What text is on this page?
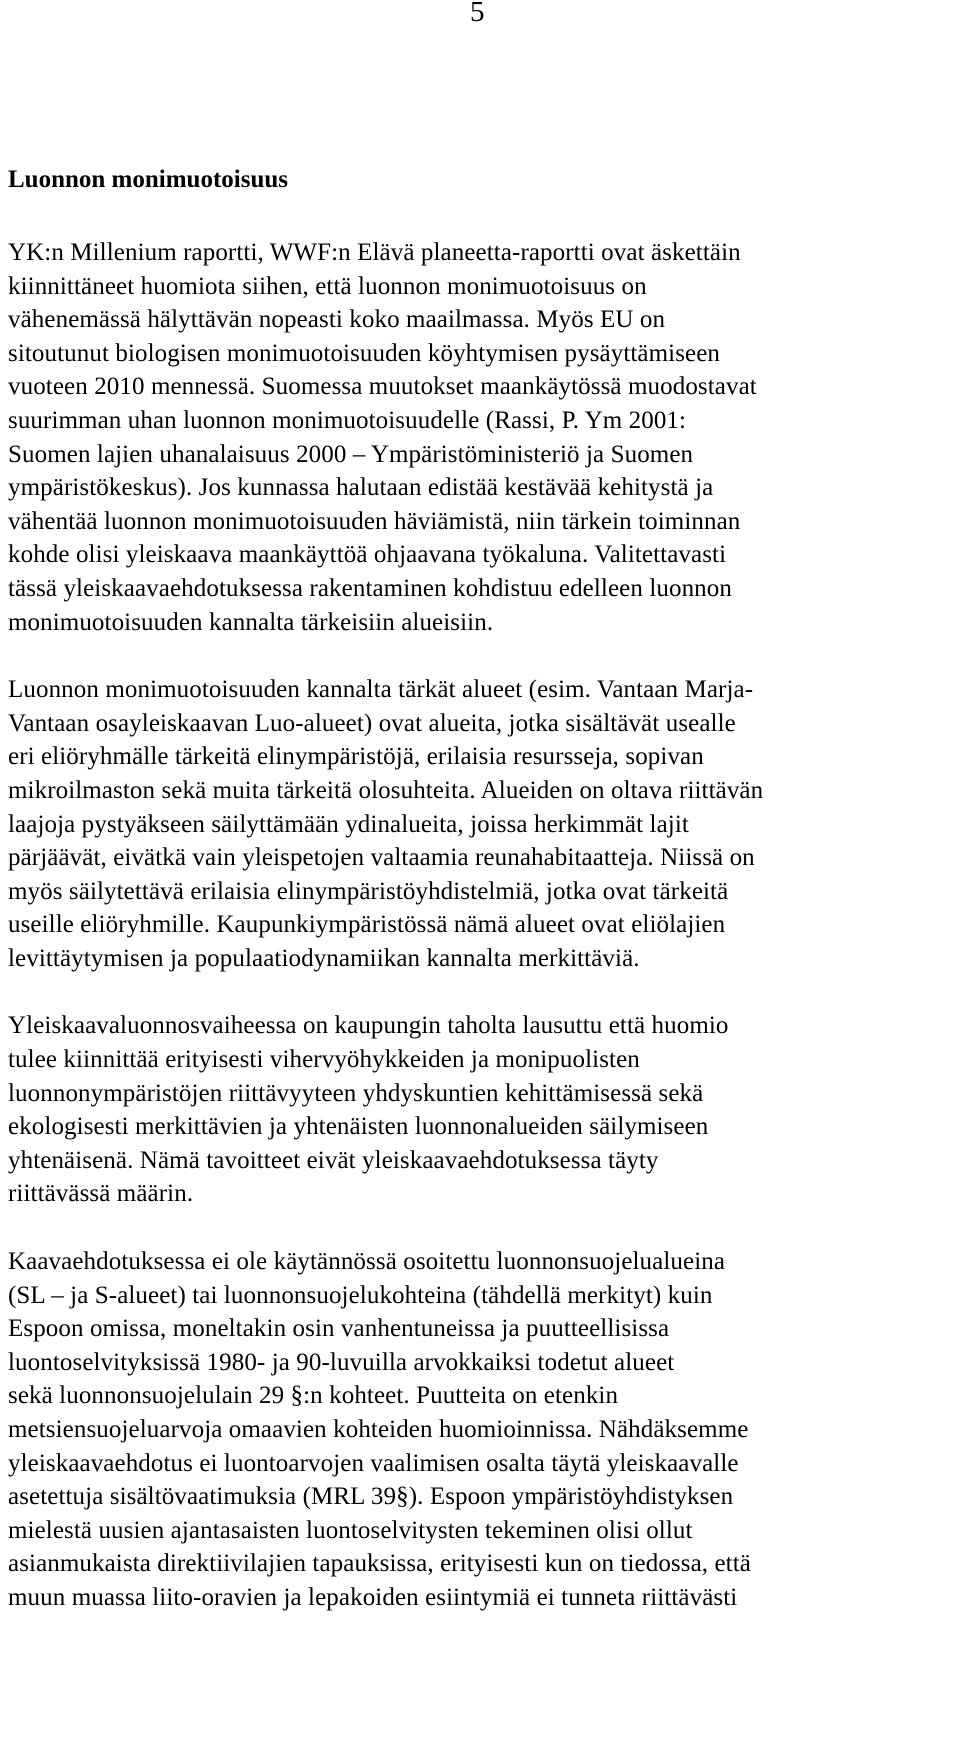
5
Luonnon monimuotoisuus

YK:n Millenium raportti, WWF:n Elävä planeetta-raportti ovat äskettäin
kiinnittäneet huomiota siihen, että luonnon monimuotoisuus on
vähenemässä hälyttävän nopeasti koko maailmassa. Myös EU on
sitoutunut biologisen monimuotoisuuden köyhtymisen pysäyttämiseen
vuoteen 2010 mennessä. Suomessa muutokset maankäytössä muodostavat
suurimman uhan luonnon monimuotoisuudelle (Rassi, P. Ym 2001:
Suomen lajien uhanalaisuus 2000 – Ympäristöministeriö ja Suomen
ympäristökeskus). Jos kunnassa halutaan edistää kestävää kehitystä ja
vähentää luonnon monimuotoisuuden häviämistä, niin tärkein toiminnan
kohde olisi yleiskaava maankäyttöä ohjaavana työkaluna. Valitettavasti
tässä yleiskaavaehdotuksessa rakentaminen kohdistuu edelleen luonnon
monimuotoisuuden kannalta tärkeisiin alueisiin.

Luonnon monimuotoisuuden kannalta tärkät alueet (esim. Vantaan Marja-
Vantaan osayleiskaavan Luo-alueet) ovat alueita, jotka sisältävät usealle
eri eliöryhmälle tärkeitä elinympäristöjä, erilaisia resursseja, sopivan
mikroilmaston sekä muita tärkeitä olosuhteita. Alueiden on oltava riittävän
laajoja pystyäkseen säilyttämään ydinalueita, joissa herkimmät lajit
pärjäävät, eivätkä vain yleispetojen valtaamia reunahabitaatteja. Niissä on
myös säilytettävä erilaisia elinympäristöyhdistelmiä, jotka ovat tärkeitä
useille eliöryhmille. Kaupunkiympäristössä nämä alueet ovat eliölajien
levittäytymisen ja populaatiodynamiikan kannalta merkittäviä.

Yleiskaavaluonnosvaiheessa on kaupungin taholta lausuttu että huomio
tulee kiinnittää erityisesti vihervyöhykkeiden ja monipuolisten
luonnonympäristöjen riittävyyteen yhdyskuntien kehittämisessä sekä
ekologisesti merkittävien ja yhtenäisten luonnonalueiden säilymiseen
yhtenäisenä. Nämä tavoitteet eivät yleiskaavaehdotuksessa täyty
riittävässä määrin.

Kaavaehdotuksessa ei ole käytännössä osoitettu luonnonsuojelualueina
(SL – ja S-alueet) tai luonnonsuojelukohteina (tähdellä merkityt) kuin
Espoon omissa, moneltakin osin vanhentuneissa ja puutteellisissa
luontoselvityksissä 1980- ja 90-luvuilla arvokkaiksi todetut alueet
sekä luonnonsuojelulain 29 §:n kohteet. Puutteita on etenkin
metsiensuojeluarvoja omaavien kohteiden huomioinnissa. Nähdäksemme
yleiskaavaehdotus ei luontoarvojen vaalimisen osalta täytä yleiskaavalle
asetettuja sisältövaatimuksia (MRL 39§). Espoon ympäristöyhdistyksen
mielestä uusien ajantasaisten luontoselvitysten tekeminen olisi ollut
asianmukaista direktiivilajien tapauksissa, erityisesti kun on tiedossa, että
muun muassa liito-oravien ja lepakoiden esiintymiä ei tunneta riittävästi
